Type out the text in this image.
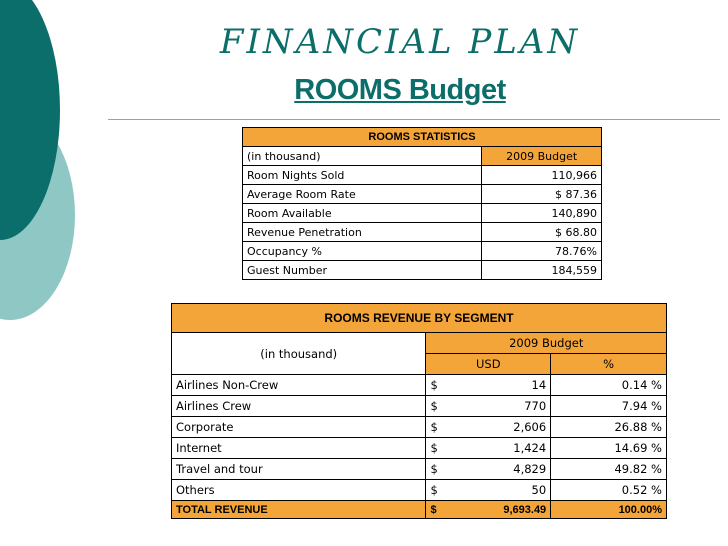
FINANCIAL PLAN
ROOMS Budget
ROOMS STATISTICS	
(in thousand)	2009 Budget
Room Nights Sold	110,966
Average Room Rate	$ 87.36
Room Available	140,890
Revenue Penetration	$ 68.80
Occupancy %	78.76%
Guest Number	184,559
ROOMS REVENUE BY SEGMENT			
(in thousand)	2009 Budget		
	USD		%
Airlines Non-Crew	$	14	0.14 %
Airlines Crew	$	770	7.94 %
Corporate	$	2,606	26.88 %
Internet	$	1,424	14.69 %
Travel and tour	$	4,829	49.82 %
Others	$	50	0.52 %
TOTAL REVENUE	$	9,693.49	100.00%
